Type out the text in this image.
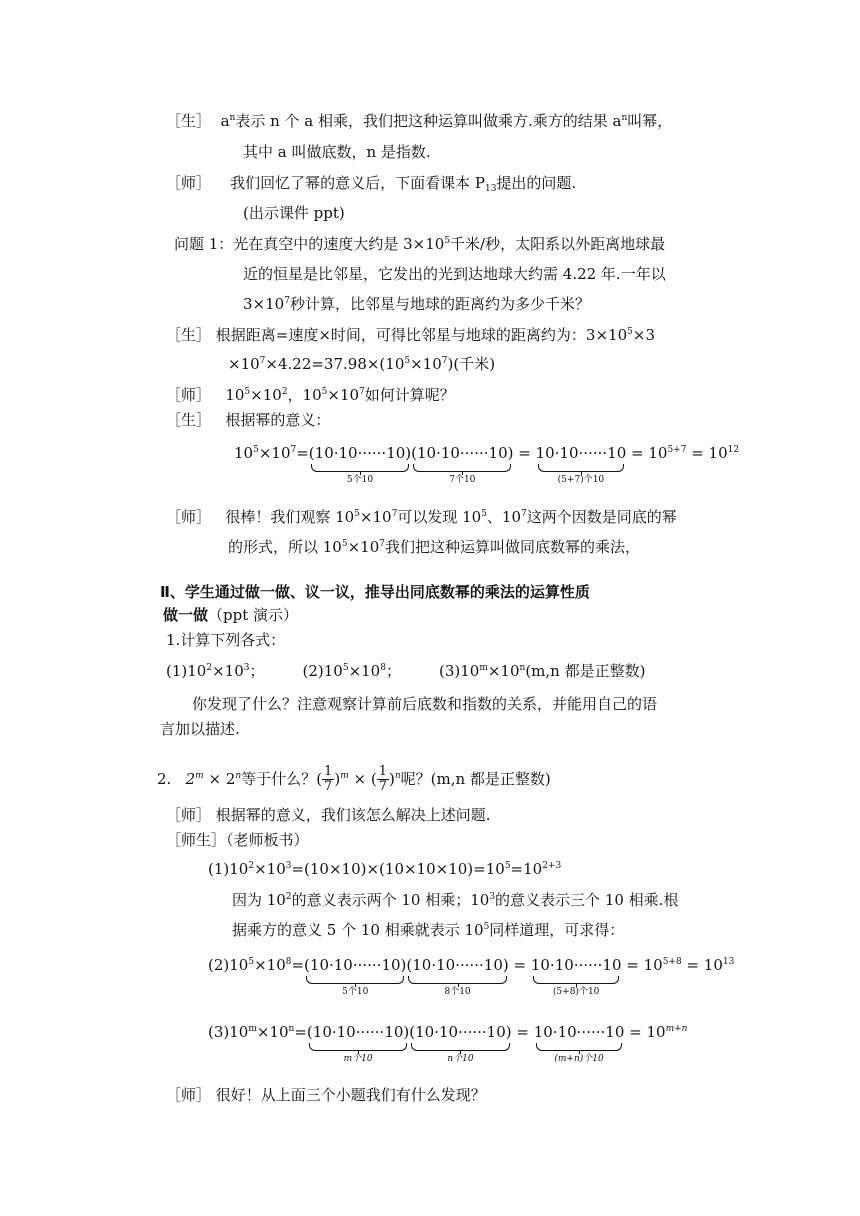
［生］ $a^n$表示 n 个 a 相乘，我们把这种运算叫做乘方.乘方的结果 $a^n$叫幂，
其中 a 叫做底数，n 是指数.
［师］ 我们回忆了幂的意义后，下面看课本 $P_{13}$提出的问题.
(出示课件 ppt)
问题 1：光在真空中的速度大约是 $3\times 10^5$千米/秒，太阳系以外距离地球最
近的恒星是比邻星，它发出的光到达地球大约需 4.22 年.一年以
$3\times 10^7$秒计算，比邻星与地球的距离约为多少千米？
［生］ 根据距离=速度×时间，可得比邻星与地球的距离约为：$3\times 10^5\times 3$
$\times 10^7\times 4.22=37.98\times(10^5\times 10^7)$(千米)
［师］ $10^5\times 10^2$，$10^5\times 10^7$如何计算呢？
［生］ 根据幂的意义：
$10^5\times 10^7=(10\cdot 10\cdot\cdot\cdot\cdot\cdot\cdot 10)$
5个10
(10·10······10)
7个10
= 10·10······10
(5+7)个10
= $10^{5+7} = 10^{12}$
［师］ 很棒！我们观察 $10^5\times 10^7$可以发现 $10^5$、$10^7$这两个因数是同底的幂
的形式，所以 $10^5\times 10^7$我们把这种运算叫做同底数幂的乘法，
Ⅱ、学生通过做一做、议一议，推导出同底数幂的乘法的运算性质
做一做（ppt 演示）
1.计算下列各式：
$(1)10^2\times 10^3$；	$(2)10^5\times 10^8$；	$(3)10^m\times 10^n(m,n$ 都是正整数)
你发现了什么？注意观察计算前后底数和指数的关系，并能用自己的语
言加以描述.
2. $2^m \times 2^n$等于什么？( $\frac{1}{7} )^m$ × ( $\frac{1}{7} )^n$呢？(m,n 都是正整数)
［师］ 根据幂的意义，我们该怎么解决上述问题.
［师生］（老师板书）
$(1)10^2\times 10^3=(10\times 10)\times(10\times 10\times 10)=10^5=10^{2+3}$
因为 $10^2$的意义表示两个 10 相乘；$10^3$的意义表示三个 10 相乘.根
据乘方的意义 5 个 10 相乘就表示 $10^5$同样道理，可求得：
$(2)10^5\times 10^8=(10\cdot 10\cdot\cdot\cdot\cdot\cdot\cdot 10)$
5个10
(10·10······10)
8个10
= 10·10······10
(5+8)个10
= $10^{5+8} = 10^{13}$
$(3)10^m\times 10^n=(10\cdot 10\cdot\cdot\cdot\cdot\cdot\cdot 10)$
m个10
(10·10······10)
n个10
= 10·10······10
(m+n)个10
= $10^{m+n}$
［师］ 很好！从上面三个小题我们有什么发现？
